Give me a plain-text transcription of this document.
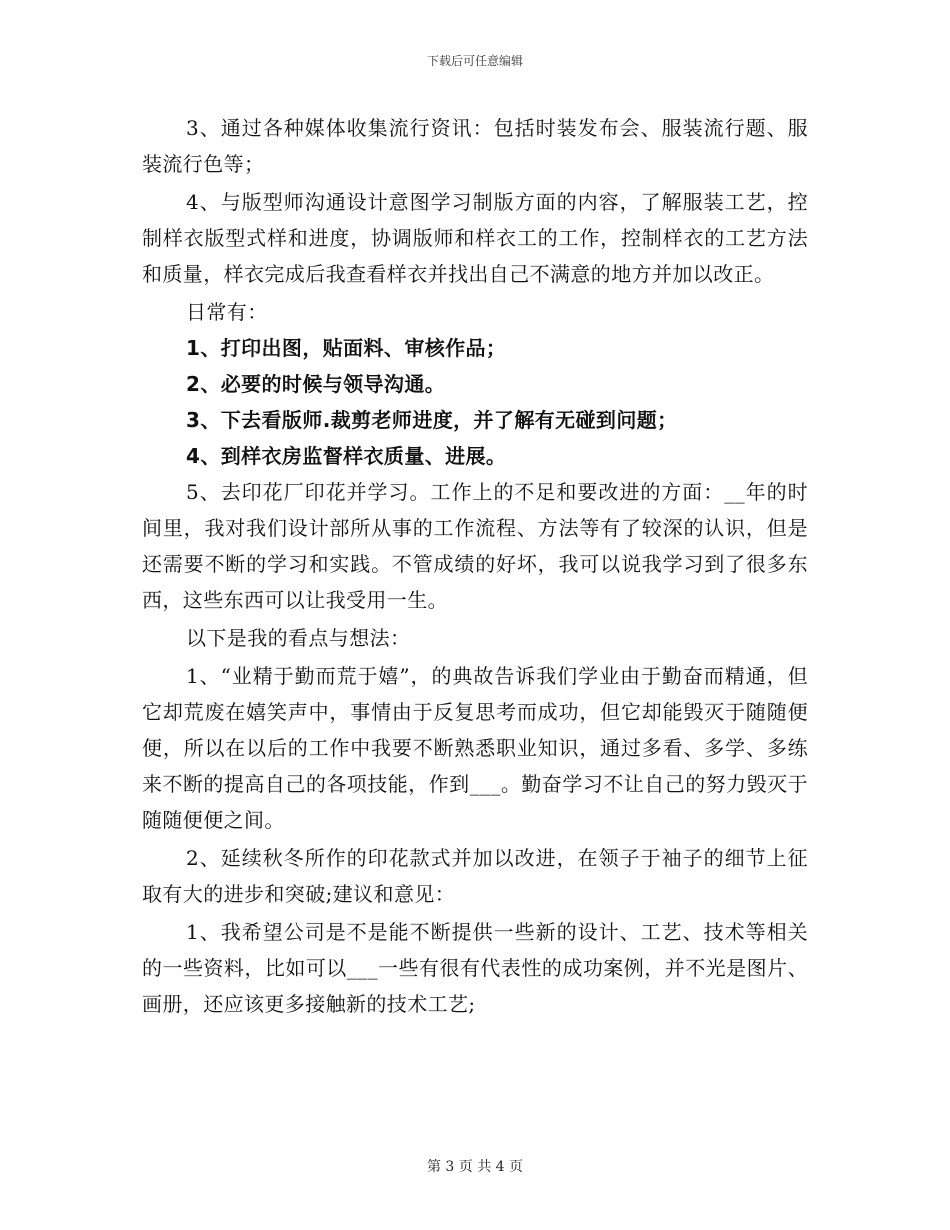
下载后可任意编辑

3、通过各种媒体收集流行资讯：包括时装发布会、服装流行题、服装流行色等；

4、与版型师沟通设计意图学习制版方面的内容，了解服装工艺，控制样衣版型式样和进度，协调版师和样衣工的工作，控制样衣的工艺方法和质量，样衣完成后我查看样衣并找出自己不满意的地方并加以改正。

日常有：

1、打印出图，贴面料、审核作品；

2、必要的时候与领导沟通。

3、下去看版师.裁剪老师进度，并了解有无碰到问题；

4、到样衣房监督样衣质量、进展。

5、去印花厂印花并学习。工作上的不足和要改进的方面：__年的时间里，我对我们设计部所从事的工作流程、方法等有了较深的认识，但是还需要不断的学习和实践。不管成绩的好坏，我可以说我学习到了很多东西，这些东西可以让我受用一生。

以下是我的看点与想法：

1、“业精于勤而荒于嬉”，的典故告诉我们学业由于勤奋而精通，但它却荒废在嬉笑声中，事情由于反复思考而成功，但它却能毁灭于随随便便，所以在以后的工作中我要不断熟悉职业知识，通过多看、多学、多练来不断的提高自己的各项技能，作到___。勤奋学习不让自己的努力毁灭于随随便便之间。

2、延续秋冬所作的印花款式并加以改进，在领子于袖子的细节上征取有大的进步和突破;建议和意见：

1、我希望公司是不是能不断提供一些新的设计、工艺、技术等相关的一些资料，比如可以___一些有很有代表性的成功案例，并不光是图片、画册，还应该更多接触新的技术工艺;

第 3 页 共 4 页
